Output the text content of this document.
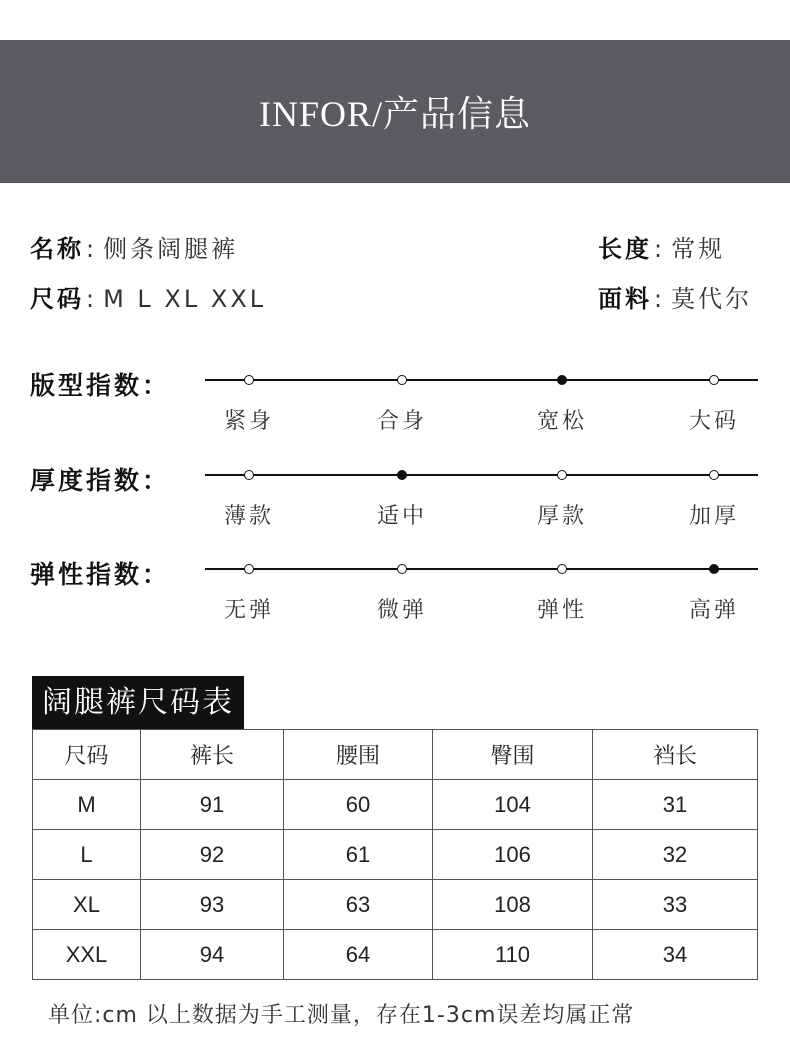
INFOR/产品信息
名称: 侧条阔腿裤	长度: 常规
尺码: M L XL XXL	面料: 莫代尔
版型指数：
紧身	合身	宽松	大码
厚度指数：
薄款	适中	厚款	加厚
弹性指数：
无弹	微弹	弹性	高弹
阔腿裤尺码表
尺码	裤长	腰围	臀围	裆长
M	91	60	104	31
L	92	61	106	32
XL	93	63	108	33
XXL	94	64	110	34
单位:cm 以上数据为手工测量，存在1-3cm误差均属正常
